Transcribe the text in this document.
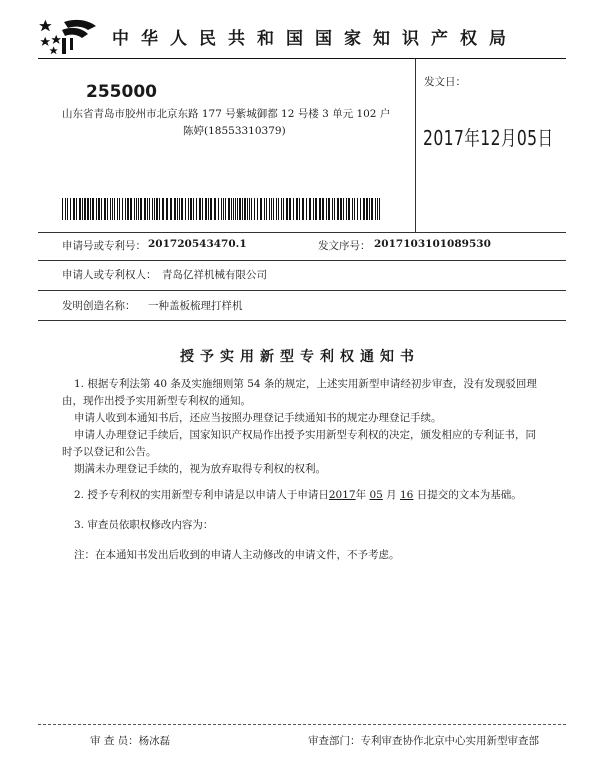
中华人民共和国国家知识产权局
255000
山东省青岛市胶州市北京东路 177 号紫城御都 12 号楼 3 单元 102 户
陈婷(18553310379)
发文日：
2017年12月05日
申请号或专利号： 201720543470.1	发文序号： 2017103101089530
申请人或专利权人： 青岛亿祥机械有限公司
发明创造名称： 一种盖板梳理打样机
授予实用新型专利权通知书

1. 根据专利法第 40 条及实施细则第 54 条的规定，上述实用新型申请经初步审查，没有发现驳回理由，现作出授予实用新型专利权的通知。

申请人收到本通知书后，还应当按照办理登记手续通知书的规定办理登记手续。

申请人办理登记手续后，国家知识产权局作出授予实用新型专利权的决定，颁发相应的专利证书，同时予以登记和公告。

期满未办理登记手续的，视为放弃取得专利权的权利。

2. 授予专利权的实用新型专利申请是以申请人于申请日2017年 05 月 16 日提交的文本为基础。
3. 审查员依职权修改内容为：
注：在本通知书发出后收到的申请人主动修改的申请文件，不予考虑。
审 查 员：杨冰磊	审查部门：专利审查协作北京中心实用新型审查部
